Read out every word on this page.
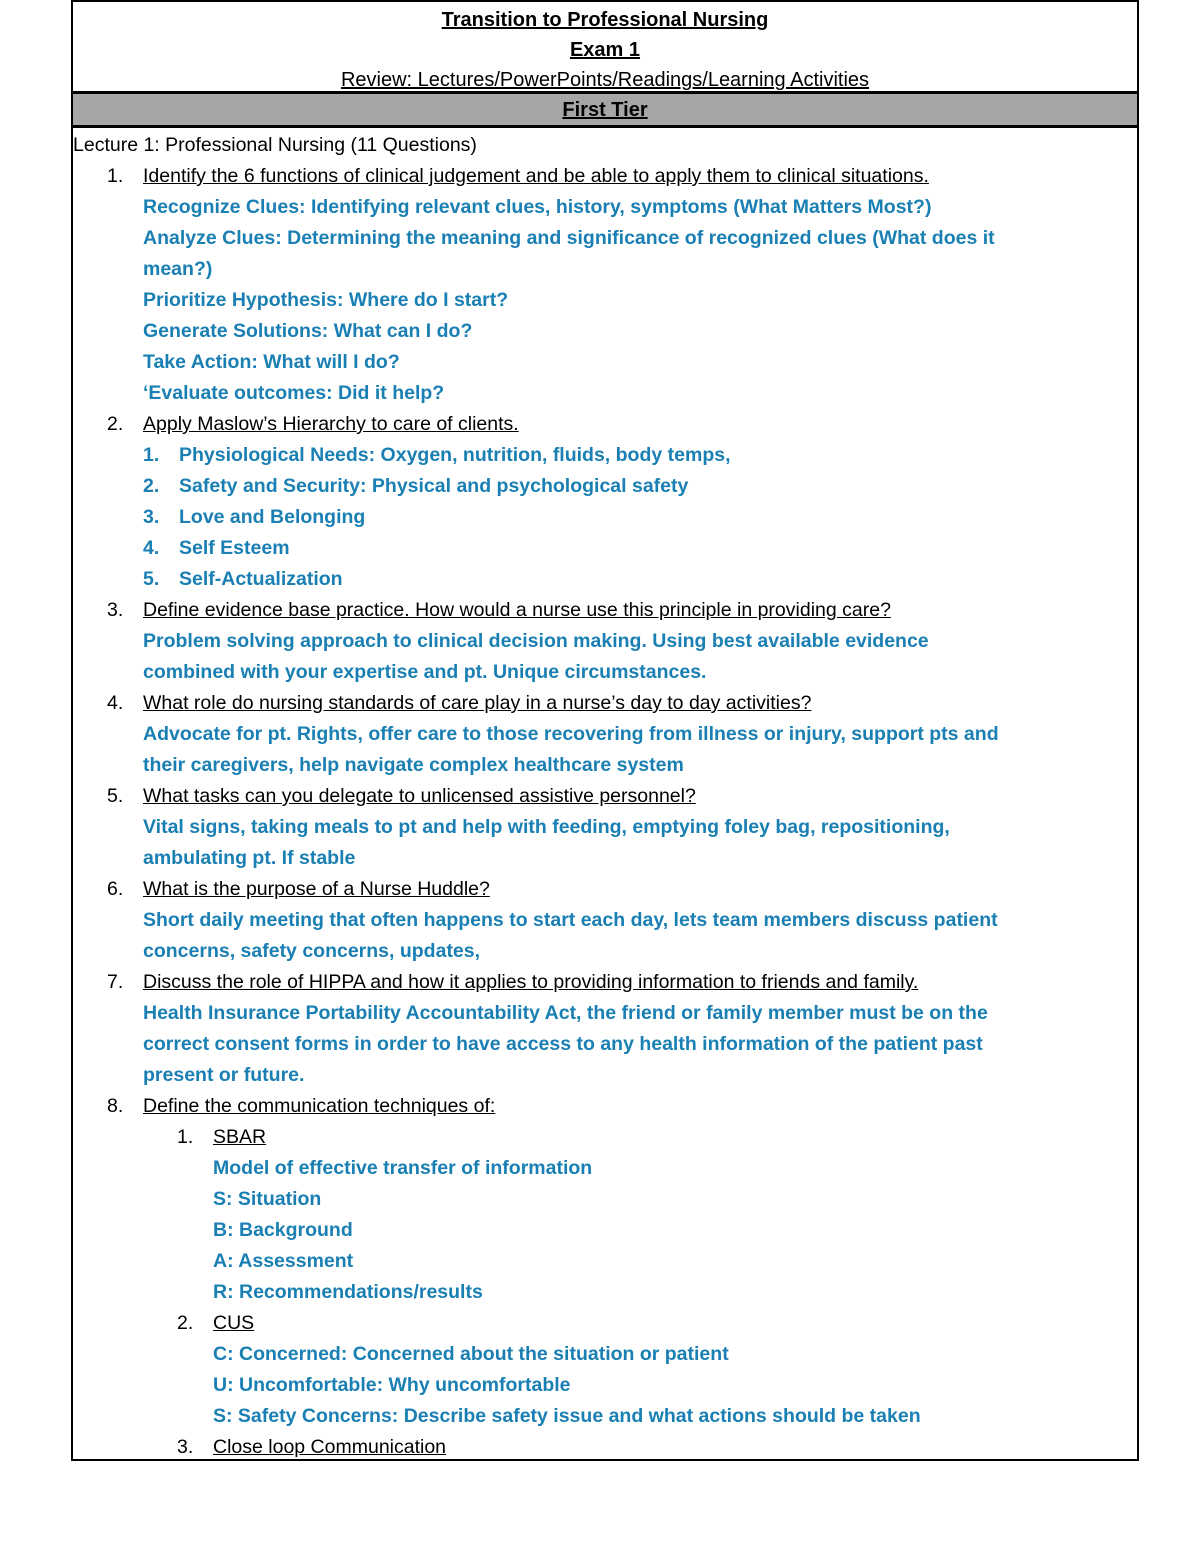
Transition to Professional Nursing
Exam 1
Review: Lectures/PowerPoints/Readings/Learning Activities
First Tier
Lecture 1: Professional Nursing (11 Questions)
1.	Identify the 6 functions of clinical judgement and be able to apply them to clinical situations.
Recognize Clues: Identifying relevant clues, history, symptoms (What Matters Most?)
Analyze Clues: Determining the meaning and significance of recognized clues (What does it
mean?)
Prioritize Hypothesis: Where do I start?
Generate Solutions: What can I do?
Take Action: What will I do?
‘Evaluate outcomes: Did it help?
2.	Apply Maslow’s Hierarchy to care of clients.
1.	Physiological Needs: Oxygen, nutrition, fluids, body temps,
2.	Safety and Security: Physical and psychological safety
3.	Love and Belonging
4.	Self Esteem
5.	Self-Actualization
3.	Define evidence base practice. How would a nurse use this principle in providing care?
Problem solving approach to clinical decision making. Using best available evidence
combined with your expertise and pt. Unique circumstances.
4.	What role do nursing standards of care play in a nurse’s day to day activities?
Advocate for pt. Rights, offer care to those recovering from illness or injury, support pts and
their caregivers, help navigate complex healthcare system
5.	What tasks can you delegate to unlicensed assistive personnel?
Vital signs, taking meals to pt and help with feeding, emptying foley bag, repositioning,
ambulating pt. If stable
6.	What is the purpose of a Nurse Huddle?
Short daily meeting that often happens to start each day, lets team members discuss patient
concerns, safety concerns, updates,
7.	Discuss the role of HIPPA and how it applies to providing information to friends and family.
Health Insurance Portability Accountability Act, the friend or family member must be on the
correct consent forms in order to have access to any health information of the patient past
present or future.
8.	Define the communication techniques of:
1.	SBAR
Model of effective transfer of information
S: Situation
B: Background
A: Assessment
R: Recommendations/results
2.	CUS
C: Concerned: Concerned about the situation or patient
U: Uncomfortable: Why uncomfortable
S: Safety Concerns: Describe safety issue and what actions should be taken
3.	Close loop Communication
